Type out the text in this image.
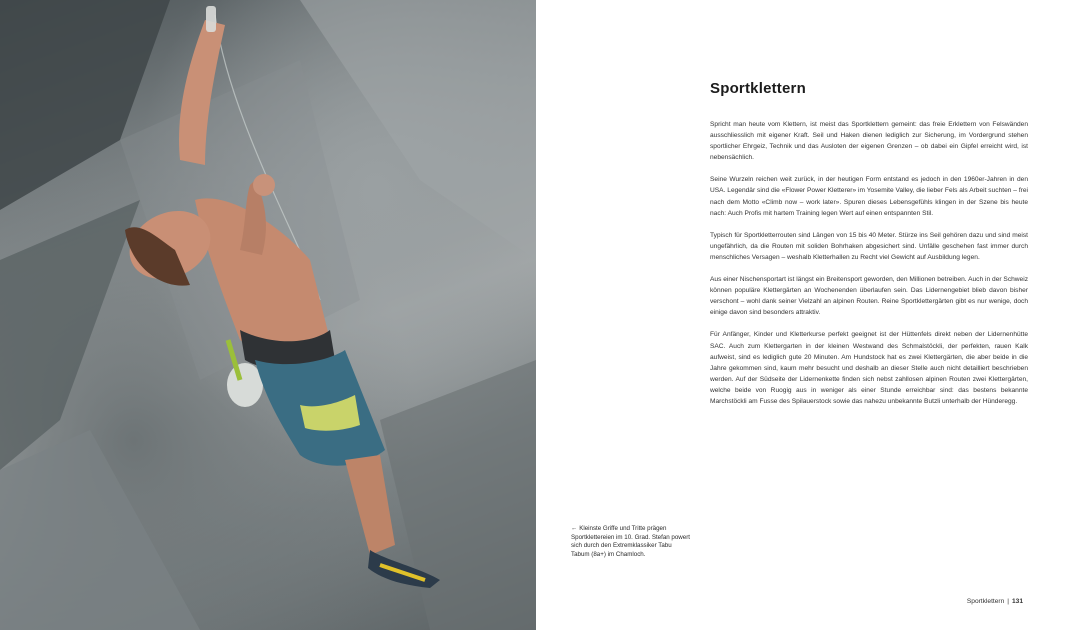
← Kleinste Griffe und Tritte prägen Sportklettereien im 10. Grad. Stefan powert sich durch den Extremklassiker Tabu Tabum (8a+) im Chamloch.
Sportklettern

Spricht man heute vom Klettern, ist meist das Sportklettern gemeint: das freie Erklettern von Felswänden ausschliesslich mit eigener Kraft. Seil und Haken dienen lediglich zur Sicherung, im Vordergrund stehen sportlicher Ehrgeiz, Technik und das Ausloten der eigenen Grenzen – ob dabei ein Gipfel erreicht wird, ist nebensächlich.

Seine Wurzeln reichen weit zurück, in der heutigen Form entstand es jedoch in den 1960er-Jahren in den USA. Legendär sind die «Flower Power Kletterer» im Yosemite Valley, die lieber Fels als Arbeit suchten – frei nach dem Motto «Climb now – work later». Spuren dieses Lebensgefühls klingen in der Szene bis heute nach: Auch Profis mit hartem Training legen Wert auf einen entspannten Stil.

Typisch für Sportkletterrouten sind Längen von 15 bis 40 Meter. Stürze ins Seil gehören dazu und sind meist ungefährlich, da die Routen mit soliden Bohrhaken abgesichert sind. Unfälle geschehen fast immer durch menschliches Versagen – weshalb Kletterhallen zu Recht viel Gewicht auf Ausbildung legen.

Aus einer Nischensportart ist längst ein Breitensport geworden, den Millionen betreiben. Auch in der Schweiz können populäre Klettergärten an Wochenenden überlaufen sein. Das Lidernengebiet blieb davon bisher verschont – wohl dank seiner Vielzahl an alpinen Routen. Reine Sportklettergärten gibt es nur wenige, doch einige davon sind besonders attraktiv.

Für Anfänger, Kinder und Kletterkurse perfekt geeignet ist der Hüttenfels direkt neben der Lidernenhütte SAC. Auch zum Klettergarten in der kleinen Westwand des Schmalstöckli, der perfekten, rauen Kalk aufweist, sind es lediglich gute 20 Minuten. Am Hundstock hat es zwei Klettergärten, die aber beide in die Jahre gekommen sind, kaum mehr besucht und deshalb an dieser Stelle auch nicht detailliert beschrieben werden. Auf der Südseite der Lidernenkette finden sich nebst zahllosen alpinen Routen zwei Klettergärten, welche beide von Ruogig aus in weniger als einer Stunde erreichbar sind: das bestens bekannte Marchstöckli am Fusse des Spilauerstock sowie das nahezu unbekannte Butzli unterhalb der Hünderegg.

Sportklettern | 131
